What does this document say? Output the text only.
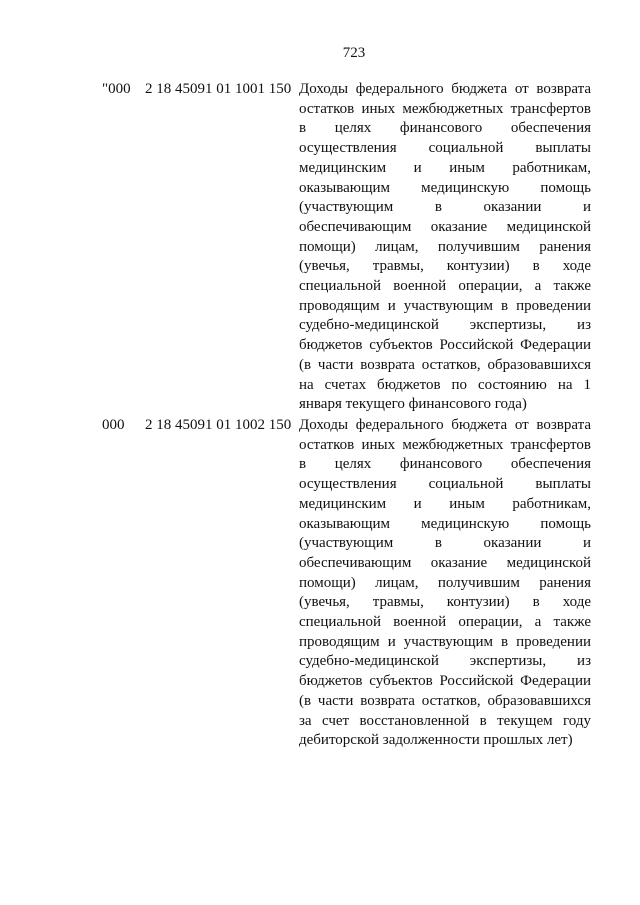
723
"000 2 18 45091 01 1001 150 Доходы федерального бюджета от возврата остатков иных межбюджетных трансфертов в целях финансового обеспечения осуществления социальной выплаты медицинским и иным работникам, оказывающим медицинскую помощь (участвующим в оказании и обеспечивающим оказание медицинской помощи) лицам, получившим ранения (увечья, травмы, контузии) в ходе специальной военной операции, а также проводящим и участвующим в проведении судебно-медицинской экспертизы, из бюджетов субъектов Российской Федерации (в части возврата остатков, образовавшихся на счетах бюджетов по состоянию на 1 января текущего финансового года)
000 2 18 45091 01 1002 150 Доходы федерального бюджета от возврата остатков иных межбюджетных трансфертов в целях финансового обеспечения осуществления социальной выплаты медицинским и иным работникам, оказывающим медицинскую помощь (участвующим в оказании и обеспечивающим оказание медицинской помощи) лицам, получившим ранения (увечья, травмы, контузии) в ходе специальной военной операции, а также проводящим и участвующим в проведении судебно-медицинской экспертизы, из бюджетов субъектов Российской Федерации (в части возврата остатков, образовавшихся за счет восстановленной в текущем году дебиторской задолженности прошлых лет)
